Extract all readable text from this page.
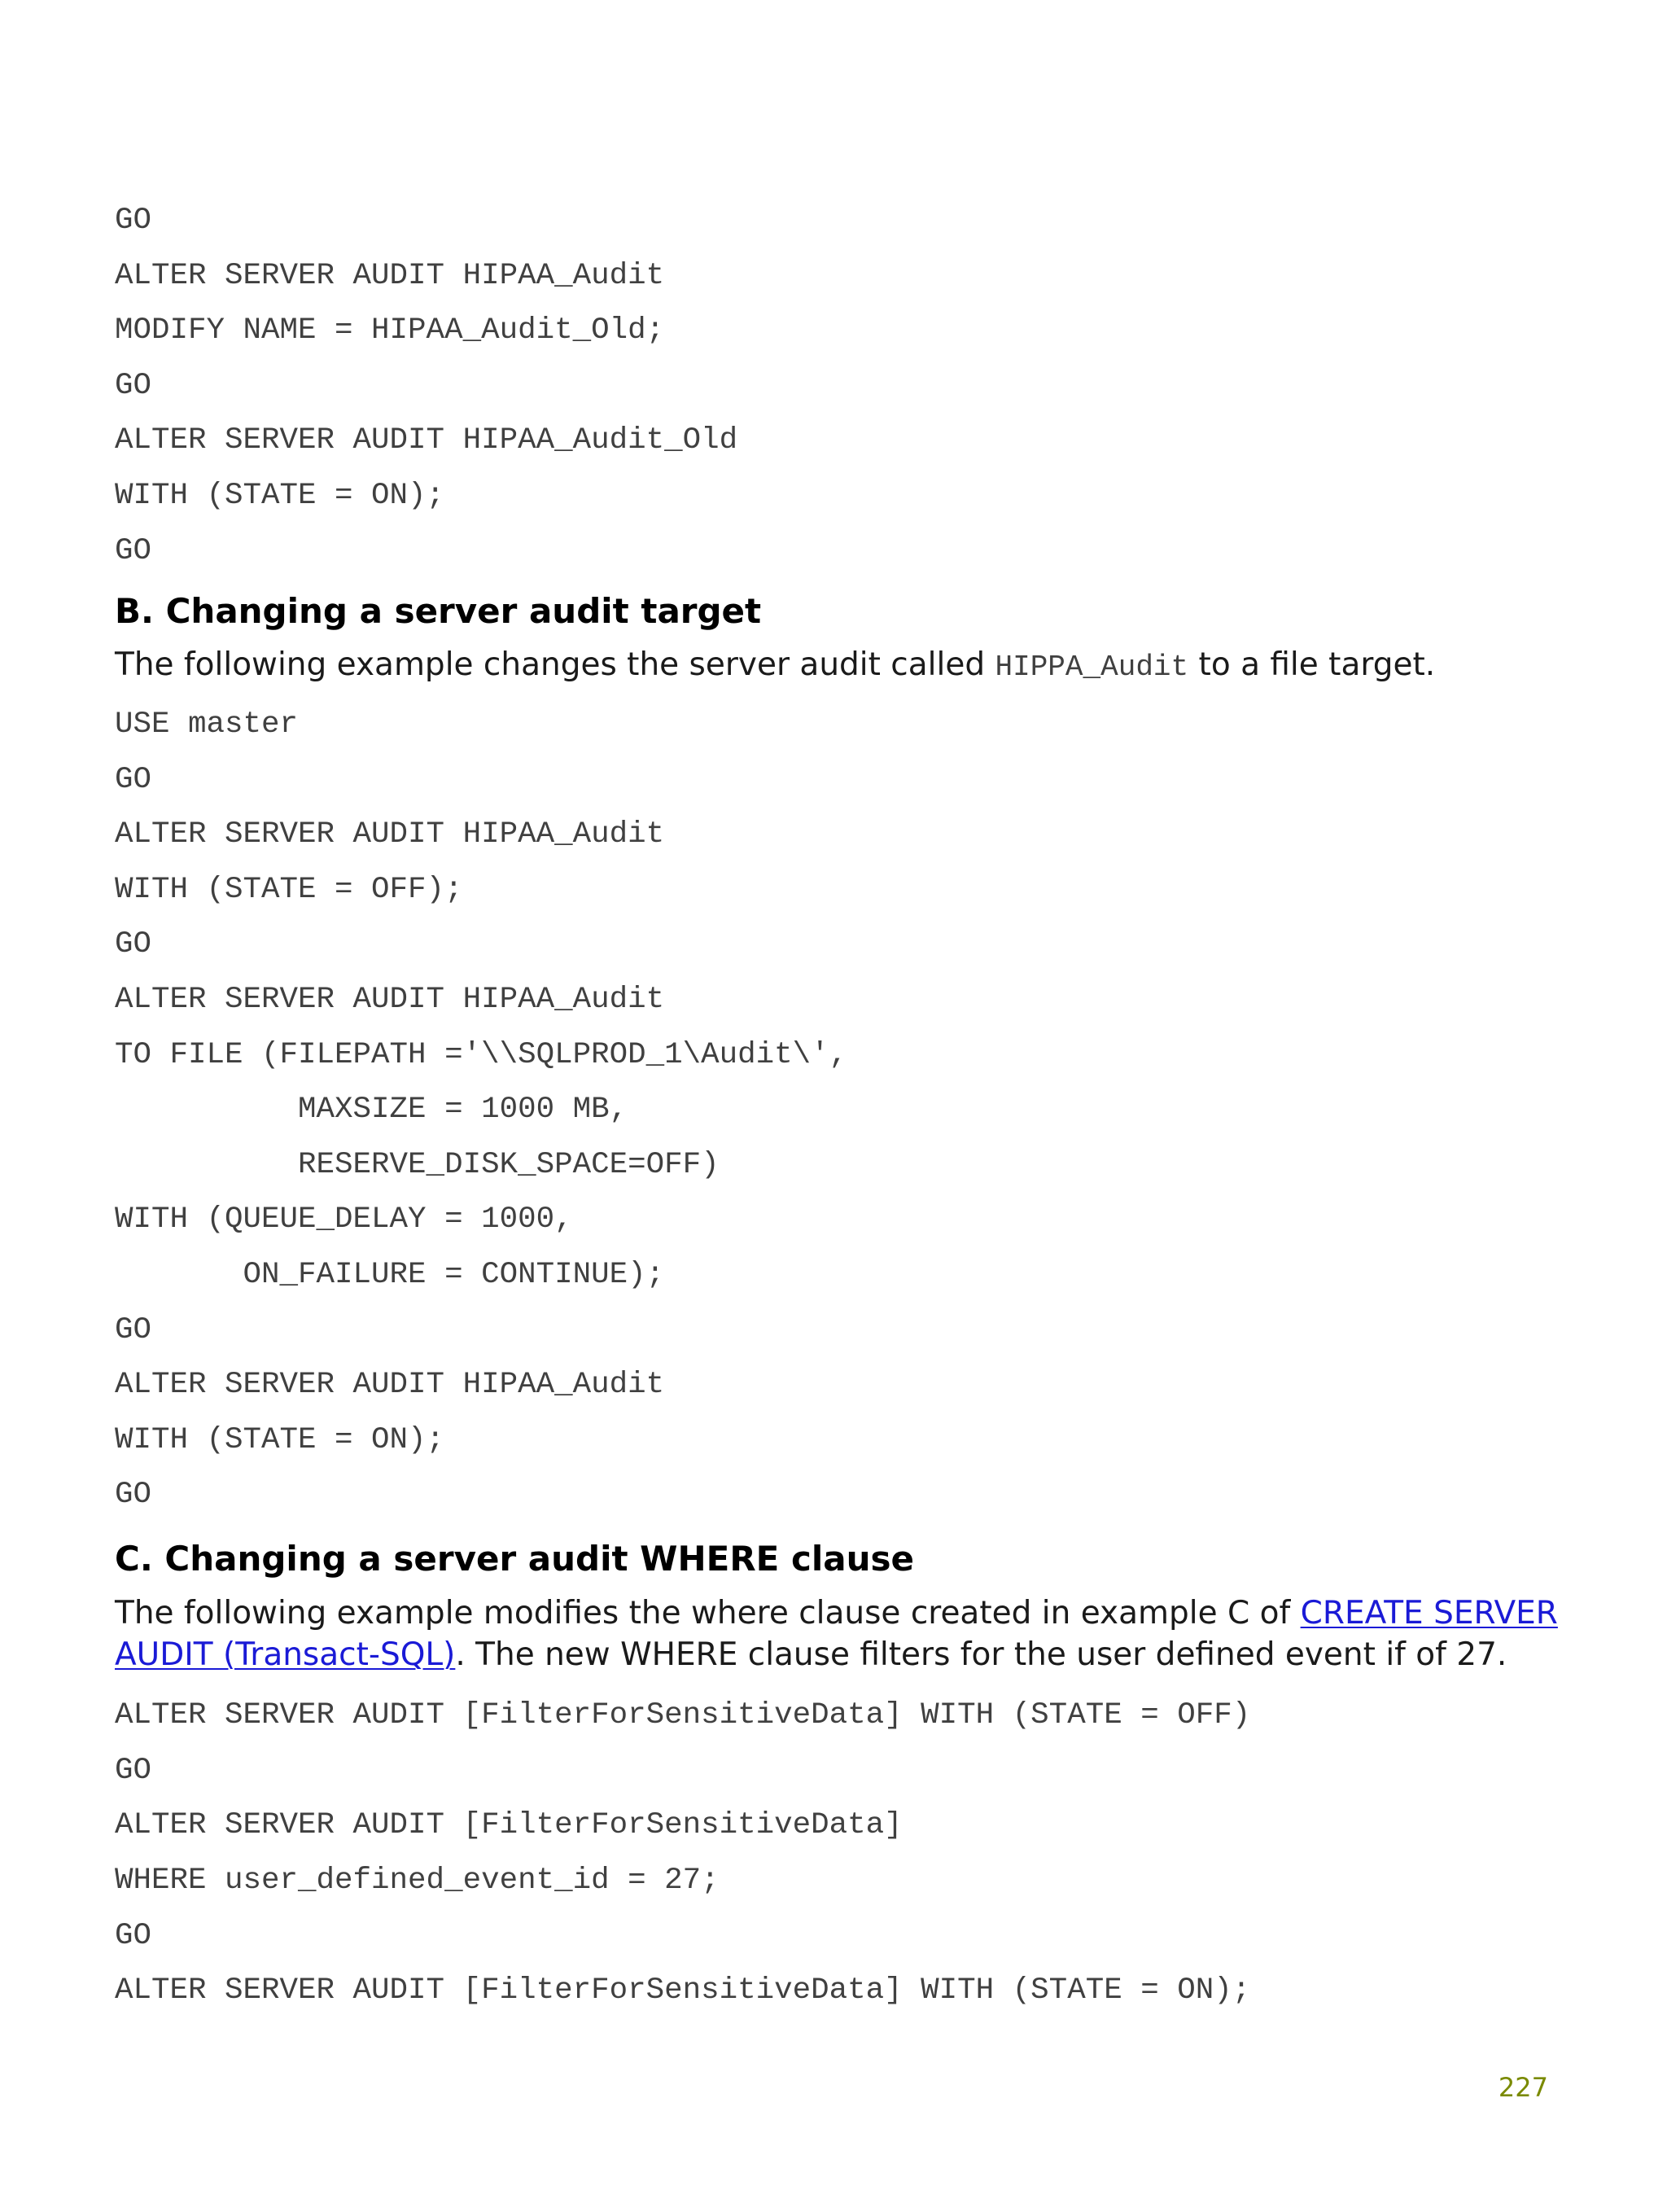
GO
ALTER SERVER AUDIT HIPAA_Audit
MODIFY NAME = HIPAA_Audit_Old;
GO
ALTER SERVER AUDIT HIPAA_Audit_Old
WITH (STATE = ON);
GO
B. Changing a server audit target
The following example changes the server audit called HIPPA_Audit to a file target.
USE master
GO
ALTER SERVER AUDIT HIPAA_Audit
WITH (STATE = OFF);
GO
ALTER SERVER AUDIT HIPAA_Audit
TO FILE (FILEPATH ='\\SQLPROD_1\Audit\',
MAXSIZE = 1000 MB,
RESERVE_DISK_SPACE=OFF)
WITH (QUEUE_DELAY = 1000,
ON_FAILURE = CONTINUE);
GO
ALTER SERVER AUDIT HIPAA_Audit
WITH (STATE = ON);
GO
C. Changing a server audit WHERE clause
The following example modifies the where clause created in example C of CREATE SERVER
AUDIT (Transact-SQL). The new WHERE clause filters for the user defined event if of 27.
ALTER SERVER AUDIT [FilterForSensitiveData] WITH (STATE = OFF)
GO
ALTER SERVER AUDIT [FilterForSensitiveData]
WHERE user_defined_event_id = 27;
GO
ALTER SERVER AUDIT [FilterForSensitiveData] WITH (STATE = ON);
227
